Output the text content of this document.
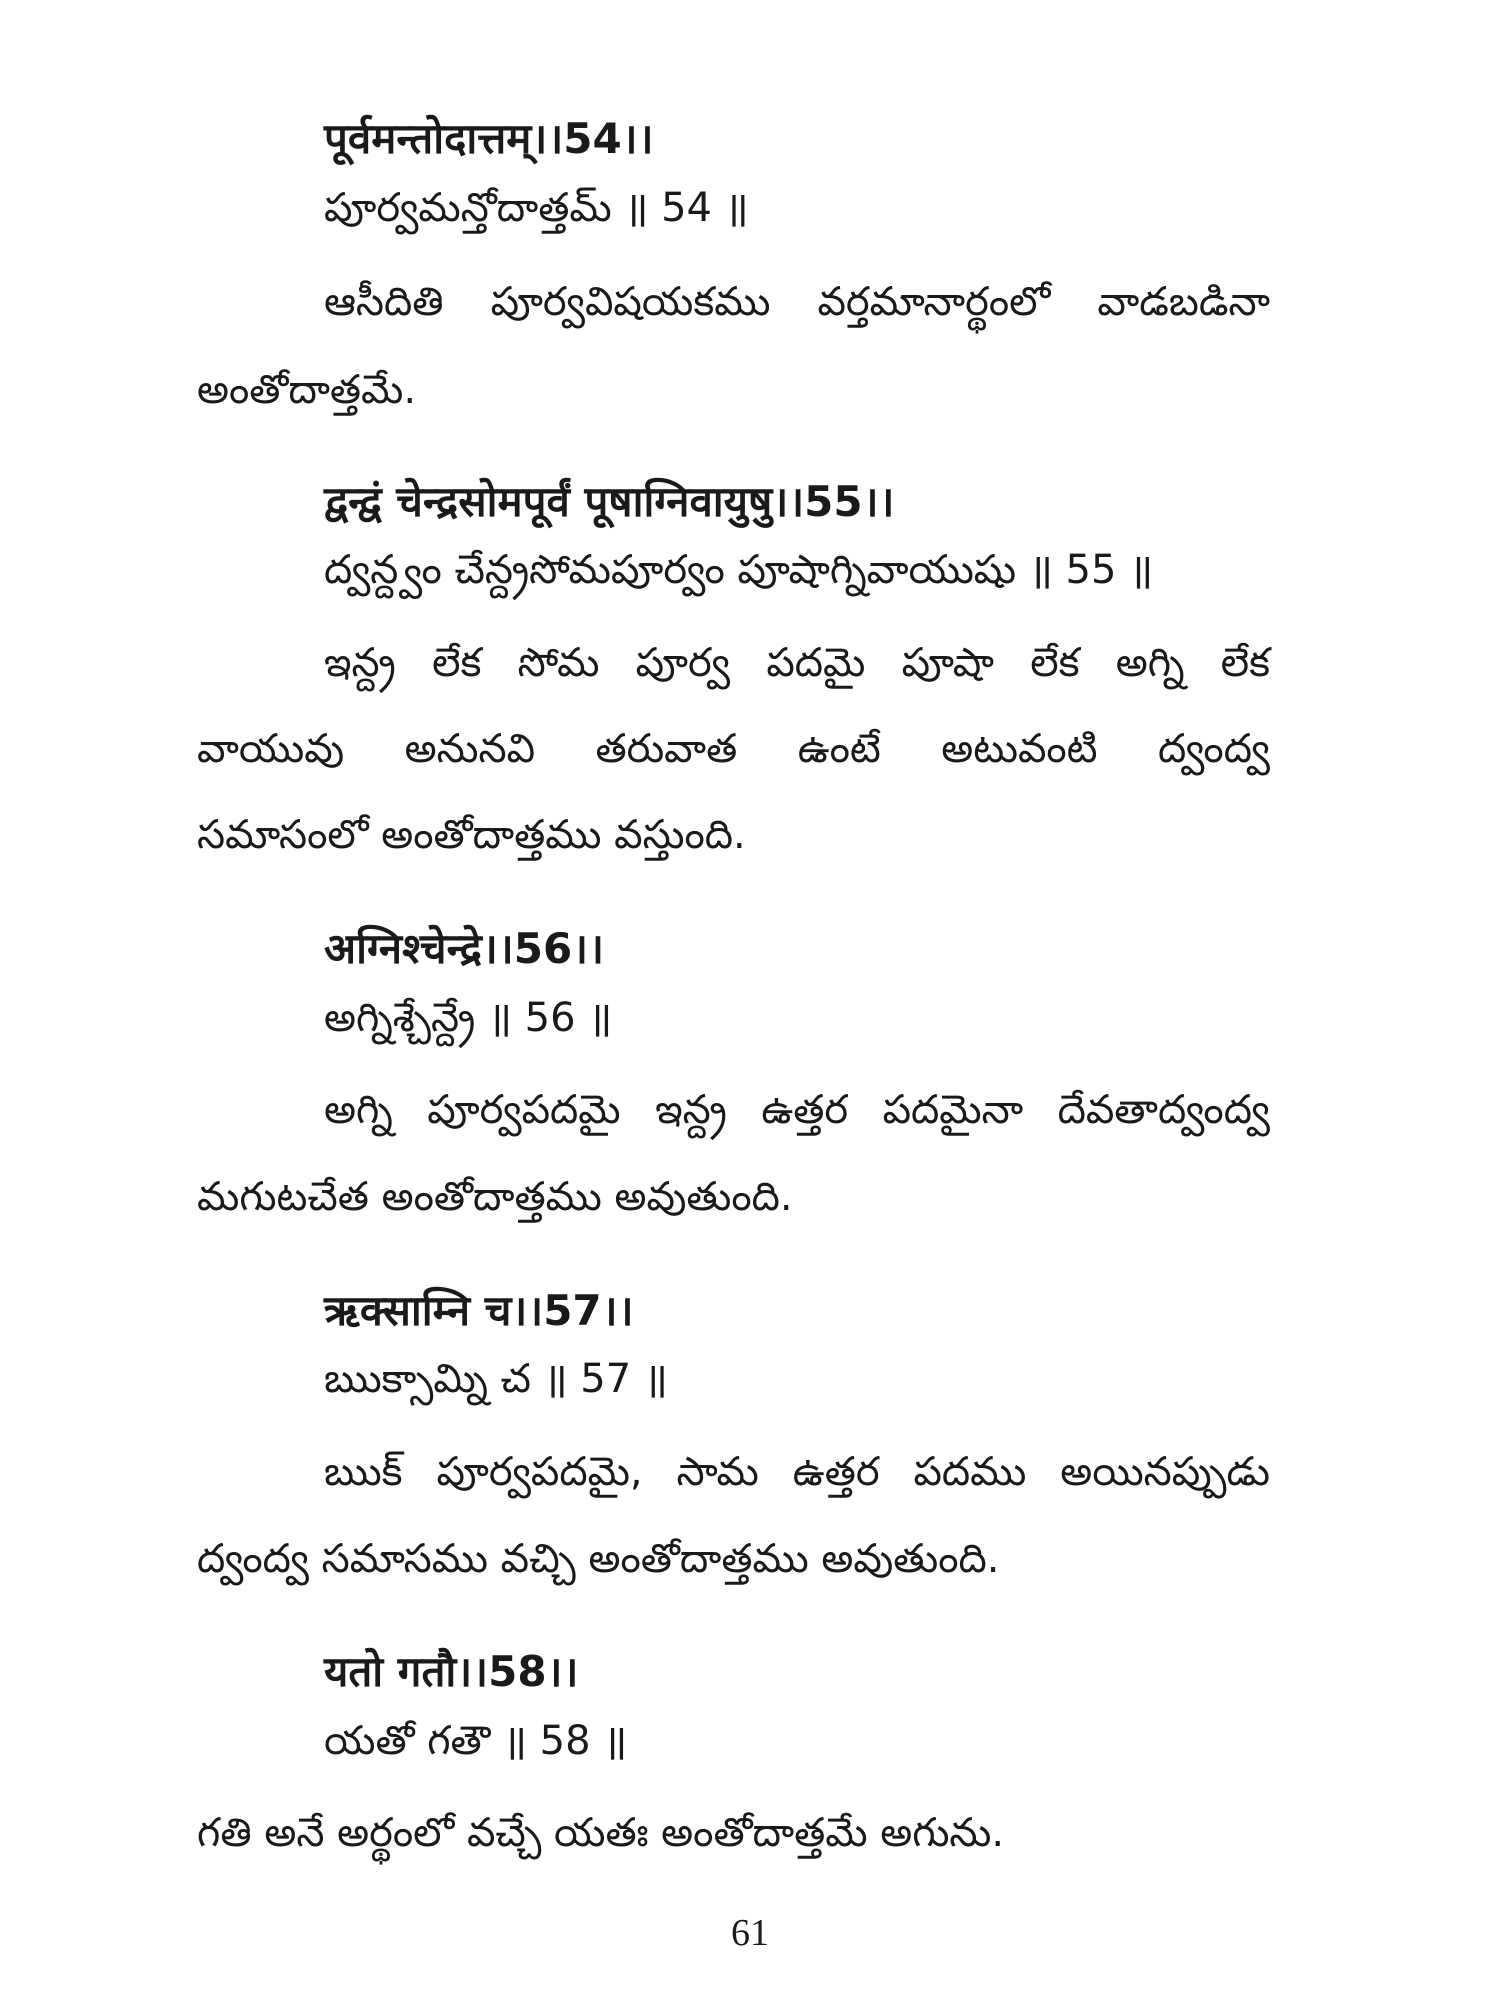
पूर्वमन्तोदात्तम्।।54।।
పూర్వమన్తోదాత్తమ్ ॥ 54 ॥
ఆసీదితి పూర్వవిషయకము వర్తమానార్థంలో వాడబడినా
అంతోదాత్తమే.
द्वन्द्वं चेन्द्रसोमपूर्वं पूषाग्निवायुषु।।55।।
ద్వన్ద్వం చేన్ద్రసోమపూర్వం పూషాగ్నివాయుషు ॥ 55 ॥
ఇన్ద్ర లేక సోమ పూర్వ పదమై పూషా లేక అగ్ని లేక
వాయువు అనునవి తరువాత ఉంటే అటువంటి ద్వంద్వ
సమాసంలో అంతోదాత్తము వస్తుంది.
अग्निश्चेन्द्रे।।56।।
అగ్నిశ్చేన్ద్రే ॥ 56 ॥
అగ్ని పూర్వపదమై ఇన్ద్ర ఉత్తర పదమైనా దేవతాద్వంద్వ
మగుటచేత అంతోదాత్తము అవుతుంది.
ऋक्साम्नि च।।57।।
ఋక్సామ్ని చ ॥ 57 ॥
ఋక్ పూర్వపదమై, సామ ఉత్తర పదము అయినప్పుడు
ద్వంద్వ సమాసము వచ్చి అంతోదాత్తము అవుతుంది.
यतो गतौ।।58।।
యతో గతౌ ॥ 58 ॥
గతి అనే అర్థంలో వచ్చే యతః అంతోదాత్తమే అగును.
61
